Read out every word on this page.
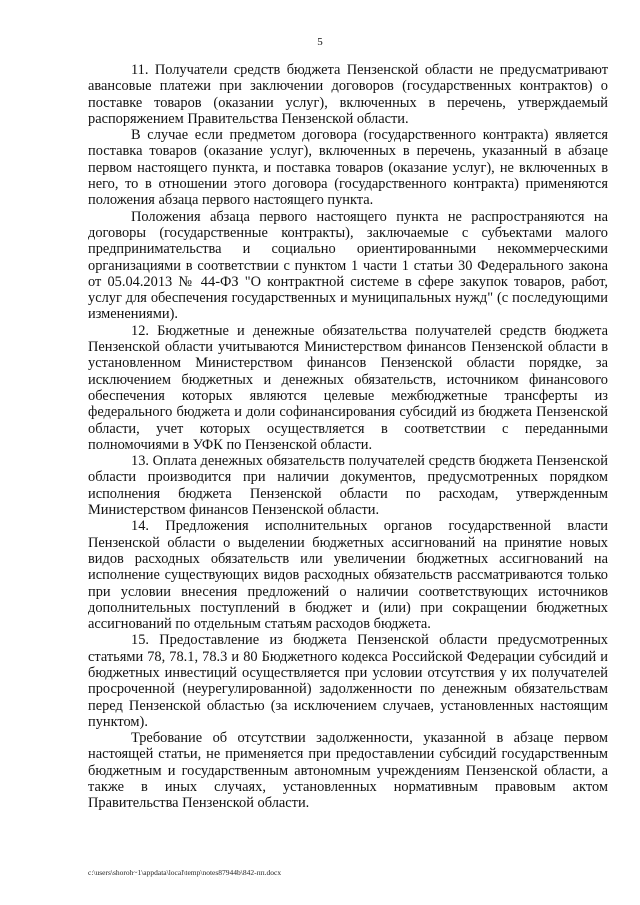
5

11. Получатели средств бюджета Пензенской области не предусматривают авансовые платежи при заключении договоров (государственных контрактов) о поставке товаров (оказании услуг), включенных в перечень, утверждаемый распоряжением Правительства Пензенской области.

В случае если предметом договора (государственного контракта) является поставка товаров (оказание услуг), включенных в перечень, указанный в абзаце первом настоящего пункта, и поставка товаров (оказание услуг), не включенных в него, то в отношении этого договора (государственного контракта) применяются положения абзаца первого настоящего пункта.

Положения абзаца первого настоящего пункта не распространяются на договоры (государственные контракты), заключаемые с субъектами малого предпринимательства и социально ориентированными некоммерческими организациями в соответствии с пунктом 1 части 1 статьи 30 Федерального закона от 05.04.2013 № 44-ФЗ "О контрактной системе в сфере закупок товаров, работ, услуг для обеспечения государственных и муниципальных нужд" (с последующими изменениями).

12. Бюджетные и денежные обязательства получателей средств бюджета Пензенской области учитываются Министерством финансов Пензенской области в установленном Министерством финансов Пензенской области порядке, за исключением бюджетных и денежных обязательств, источником финансового обеспечения которых являются целевые межбюджетные трансферты из федерального бюджета и доли софинансирования субсидий из бюджета Пензенской области, учет которых осуществляется в соответствии с переданными полномочиями в УФК по Пензенской области.

13. Оплата денежных обязательств получателей средств бюджета Пензенской области производится при наличии документов, предусмотренных порядком исполнения бюджета Пензенской области по расходам, утвержденным Министерством финансов Пензенской области.

14. Предложения исполнительных органов государственной власти Пензенской области о выделении бюджетных ассигнований на принятие новых видов расходных обязательств или увеличении бюджетных ассигнований на исполнение существующих видов расходных обязательств рассматриваются только при условии внесения предложений о наличии соответствующих источников дополнительных поступлений в бюджет и (или) при сокращении бюджетных ассигнований по отдельным статьям расходов бюджета.

15. Предоставление из бюджета Пензенской области предусмотренных статьями 78, 78.1, 78.3 и 80 Бюджетного кодекса Российской Федерации субсидий и бюджетных инвестиций осуществляется при условии отсутствия у их получателей просроченной (неурегулированной) задолженности по денежным обязательствам перед Пензенской областью (за исключением случаев, установленных настоящим пунктом).

Требование об отсутствии задолженности, указанной в абзаце первом настоящей статьи, не применяется при предоставлении субсидий государственным бюджетным и государственным автономным учреждениям Пензенской области, а также в иных случаях, установленных нормативным правовым актом Правительства Пензенской области.

c:\users\shoroh~1\appdata\local\temp\notes87944b\842-пп.docx
